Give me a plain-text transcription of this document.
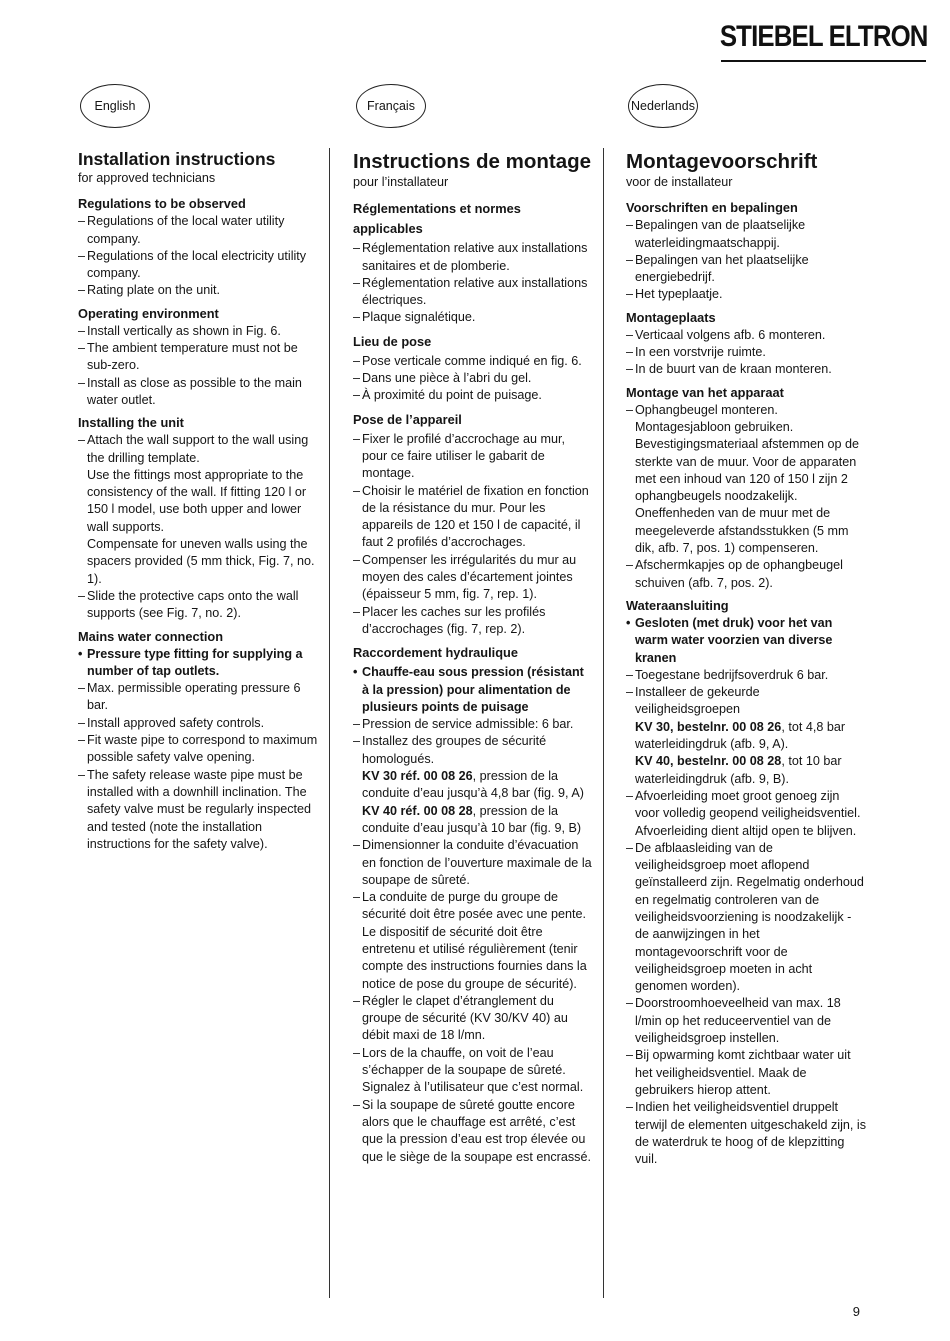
STIEBEL ELTRON
English	Français	Nederlands
Installation instructions

for approved technicians

Regulations to be observed
– Regulations of the local water utility company.
– Regulations of the local electricity utility company.
– Rating plate on the unit.
Operating environment
– Install vertically as shown in Fig. 6.
– The ambient temperature must not be sub-zero.
– Install as close as possible to the main water outlet.
Installing the unit
– Attach the wall support to the wall using the drilling template.
Use the fittings most appropriate to the consistency of the wall. If fitting 120 l or 150 l model, use both upper and lower wall supports.
Compensate for uneven walls using the spacers provided (5 mm thick, Fig. 7, no. 1).
– Slide the protective caps onto the wall supports (see Fig. 7, no. 2).
Mains water connection
• Pressure type fitting for supplying a number of tap outlets.
– Max. permissible operating pressure 6 bar.
– Install approved safety controls.
– Fit waste pipe to correspond to maximum possible safety valve opening.
– The safety release waste pipe must be installed with a downhill inclination. The safety valve must be regularly inspected and tested (note the installation instructions for the safety valve).
Instructions de montage

pour l’installateur

Réglementations et normes applicables
– Réglementation relative aux installations sanitaires et de plomberie.
– Réglementation relative aux installations électriques.
– Plaque signalétique.
Lieu de pose
– Pose verticale comme indiqué en fig. 6.
– Dans une pièce à l’abri du gel.
– À proximité du point de puisage.
Pose de l’appareil
– Fixer le profilé d’accrochage au mur, pour ce faire utiliser le gabarit de montage.
– Choisir le matériel de fixation en fonction de la résistance du mur. Pour les appareils de 120 et 150 l de capacité, il faut 2 profilés d’accrochages.
– Compenser les irrégularités du mur au moyen des cales d’écartement jointes (épaisseur 5 mm, fig. 7, rep. 1).
– Placer les caches sur les profilés d’accrochages (fig. 7, rep. 2).
Raccordement hydraulique
• Chauffe-eau sous pression (résistant à la pression) pour alimentation de plusieurs points de puisage
– Pression de service admissible: 6 bar.
– Installez des groupes de sécurité homologués.
KV 30 réf. 00 08 26, pression de la conduite d’eau jusqu’à 4,8 bar (fig. 9, A)
KV 40 réf. 00 08 28, pression de la conduite d’eau jusqu’à 10 bar (fig. 9, B)
– Dimensionner la conduite d’évacuation en fonction de l’ouverture maximale de la soupape de sûreté.
– La conduite de purge du groupe de sécurité doit être posée avec une pente. Le dispositif de sécurité doit être entretenu et utilisé régulièrement (tenir compte des instructions fournies dans la notice de pose du groupe de sécurité).
– Régler le clapet d’étranglement du groupe de sécurité (KV 30/KV 40) au débit maxi de 18 l/mn.
– Lors de la chauffe, on voit de l’eau s’échapper de la soupape de sûreté. Signalez à l’utilisateur que c’est normal.
– Si la soupape de sûreté goutte encore alors que le chauffage est arrêté, c’est que la pression d’eau est trop élevée ou que le siège de la soupape est encrassé.
Montagevoorschrift

voor de installateur

Voorschriften en bepalingen
– Bepalingen van de plaatselijke waterleidingmaatschappij.
– Bepalingen van het plaatselijke energiebedrijf.
– Het typeplaatje.
Montageplaats
– Verticaal volgens afb. 6 monteren.
– In een vorstvrije ruimte.
– In de buurt van de kraan monteren.
Montage van het apparaat
– Ophangbeugel monteren. Montagesjabloon gebruiken. Bevestigingsmateriaal afstemmen op de sterkte van de muur. Voor de apparaten met een inhoud van 120 of 150 l zijn 2 ophangbeugels noodzakelijk. Oneffenheden van de muur met de meegeleverde afstandsstukken (5 mm dik, afb. 7, pos. 1) compenseren.
– Afschermkapjes op de ophangbeugel schuiven (afb. 7, pos. 2).
Wateraansluiting
• Gesloten (met druk) voor het van warm water voorzien van diverse kranen
– Toegestane bedrijfsoverdruk 6 bar.
– Installeer de gekeurde veiligheidsgroepen
KV 30, bestelnr. 00 08 26, tot 4,8 bar waterleidingdruk (afb. 9, A).
KV 40, bestelnr. 00 08 28, tot 10 bar waterleidingdruk (afb. 9, B).
– Afvoerleiding moet groot genoeg zijn voor volledig geopend veiligheidsventiel. Afvoerleiding dient altijd open te blijven.
– De afblaasleiding van de veiligheidsgroep moet aflopend geïnstalleerd zijn. Regelmatig onderhoud en regelmatig controleren van de veiligheidsvoorziening is noodzakelijk - de aanwijzingen in het montagevoorschrift voor de veiligheidsgroep moeten in acht genomen worden).
– Doorstroomhoeveelheid van max. 18 l/min op het reduceerventiel van de veiligheidsgroep instellen.
– Bij opwarming komt zichtbaar water uit het veiligheidsventiel. Maak de gebruikers hierop attent.
– Indien het veiligheidsventiel druppelt terwijl de elementen uitgeschakeld zijn, is de waterdruk te hoog of de klepzitting vuil.
9
